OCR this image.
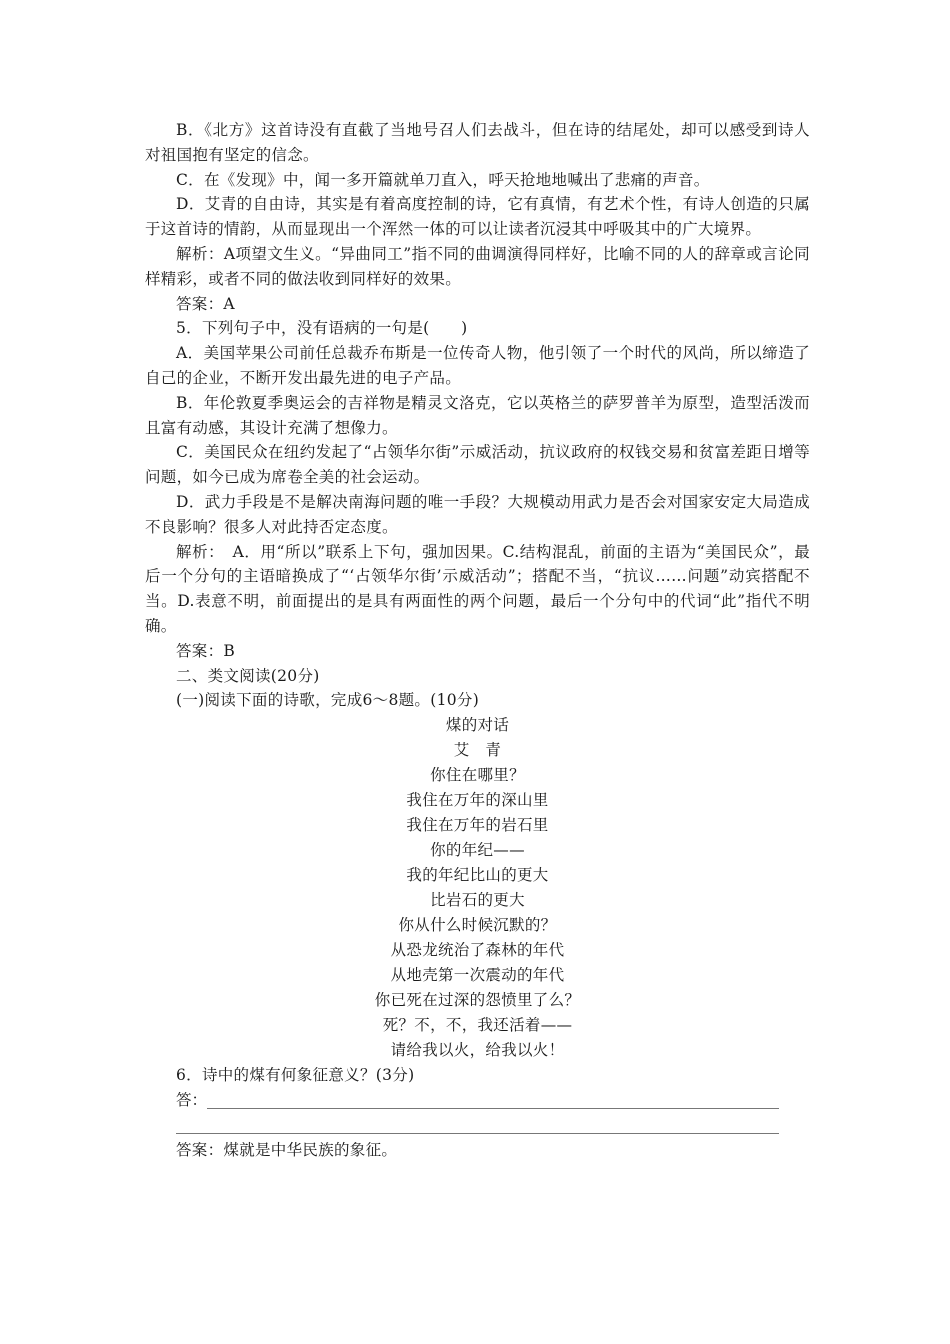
B．《北方》这首诗没有直截了当地号召人们去战斗，但在诗的结尾处，却可以感受到诗人对祖国抱有坚定的信念。

C．在《发现》中，闻一多开篇就单刀直入，呼天抢地地喊出了悲痛的声音。

D．艾青的自由诗，其实是有着高度控制的诗，它有真情，有艺术个性，有诗人创造的只属于这首诗的情韵，从而显现出一个浑然一体的可以让读者沉浸其中呼吸其中的广大境界。

解析：A项望文生义。“异曲同工”指不同的曲调演得同样好，比喻不同的人的辞章或言论同样精彩，或者不同的做法收到同样好的效果。

答案：A

5．下列句子中，没有语病的一句是(　　)

A．美国苹果公司前任总裁乔布斯是一位传奇人物，他引领了一个时代的风尚，所以缔造了自己的企业，不断开发出最先进的电子产品。

B．年伦敦夏季奥运会的吉祥物是精灵文洛克，它以英格兰的萨罗普羊为原型，造型活泼而且富有动感，其设计充满了想像力。

C．美国民众在纽约发起了“占领华尔街”示威活动，抗议政府的权钱交易和贫富差距日增等问题，如今已成为席卷全美的社会运动。

D．武力手段是不是解决南海问题的唯一手段？大规模动用武力是否会对国家安定大局造成不良影响？很多人对此持否定态度。

解析：　A．用“所以”联系上下句，强加因果。C.结构混乱，前面的主语为“美国民众”，最后一个分句的主语暗换成了“‘占领华尔街’示威活动”；搭配不当，“抗议……问题”动宾搭配不当。D.表意不明，前面提出的是具有两面性的两个问题，最后一个分句中的代词“此”指代不明确。

答案：B

二、类文阅读(20分)

(一)阅读下面的诗歌，完成6～8题。(10分)

煤的对话

艾　青

你住在哪里？

我住在万年的深山里

我住在万年的岩石里

你的年纪——

我的年纪比山的更大

比岩石的更大

你从什么时候沉默的？

从恐龙统治了森林的年代

从地壳第一次震动的年代

你已死在过深的怨愤里了么？

死？不，不，我还活着——

请给我以火，给我以火！

6．诗中的煤有何象征意义？(3分)

答：

答案：煤就是中华民族的象征。
